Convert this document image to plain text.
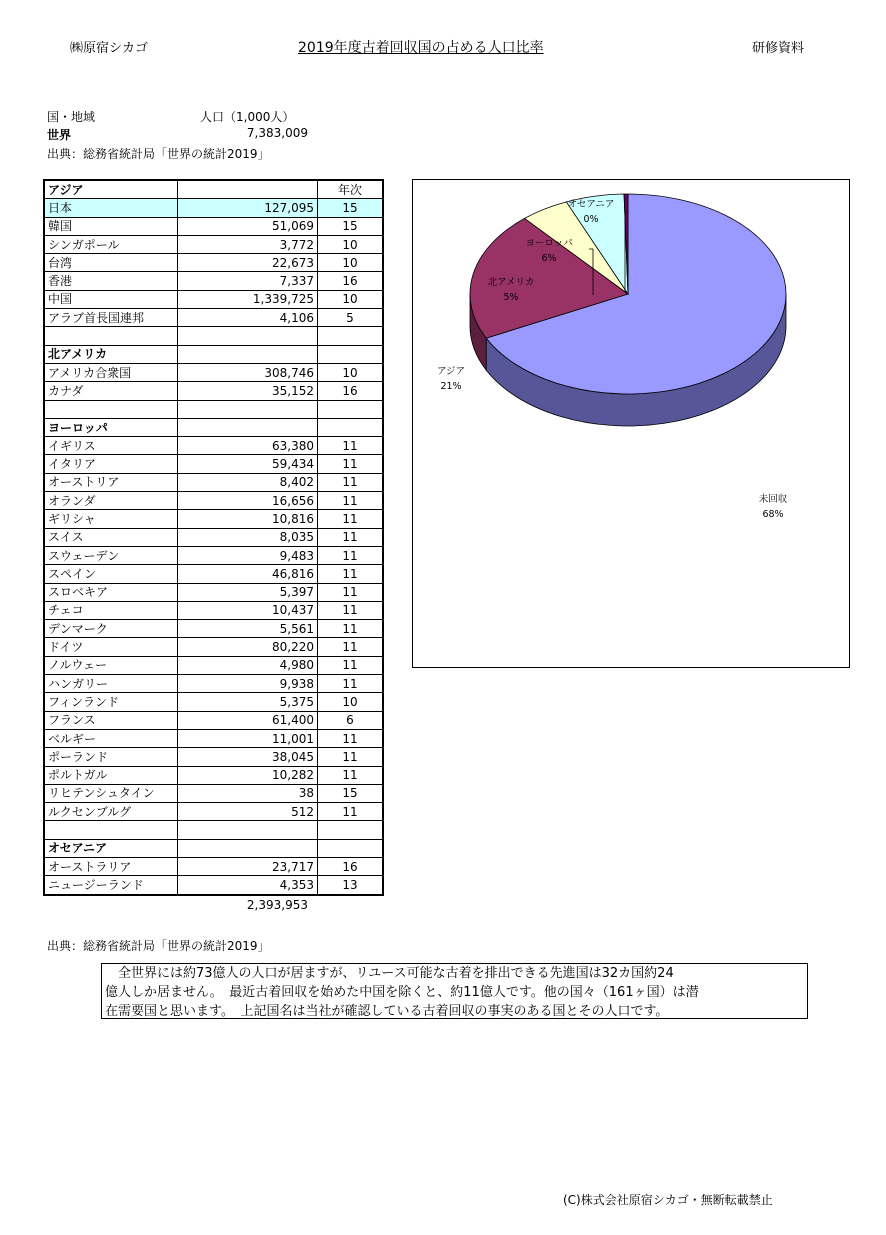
㈱原宿シカゴ	2019年度古着回収国の占める人口比率	研修資料
国・地域	人口（1,000人）
世界	7,383,009
出典：総務省統計局「世界の統計2019」
アジア		年次
日本	127,095	15
韓国	51,069	15
シンガポール	3,772	10
台湾	22,673	10
香港	7,337	16
中国	1,339,725	10
アラブ首長国連邦	4,106	5

北アメリカ		
アメリカ合衆国	308,746	10
カナダ	35,152	16

ヨーロッパ		
イギリス	63,380	11
イタリア	59,434	11
オーストリア	8,402	11
オランダ	16,656	11
ギリシャ	10,816	11
スイス	8,035	11
スウェーデン	9,483	11
スペイン	46,816	11
スロベキア	5,397	11
チェコ	10,437	11
デンマーク	5,561	11
ドイツ	80,220	11
ノルウェー	4,980	11
ハンガリー	9,938	11
フィンランド	5,375	10
フランス	61,400	6
ベルギー	11,001	11
ポーランド	38,045	11
ポルトガル	10,282	11
リヒテンシュタイン	38	15
ルクセンブルグ	512	11

オセアニア		
オーストラリア	23,717	16
ニュージーランド	4,353	13
2,393,953
未回収
68%
アジア
21%
北アメリカ
5%
ヨーロッパ
6%
オセアニア
0%
出典：総務省統計局「世界の統計2019」
　全世界には約73億人の人口が居ますが、リユース可能な古着を排出できる先進国は32カ国約24
億人しか居ません。　最近古着回収を始めた中国を除くと、約11億人です。他の国々（161ヶ国）は潜
在需要国と思います。　上記国名は当社が確認している古着回収の事実のある国とその人口です。
(C)株式会社原宿シカゴ・無断転載禁止
